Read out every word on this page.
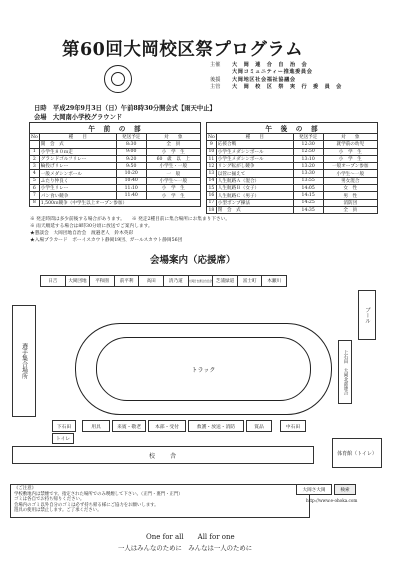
第60回大岡校区祭プログラム
主催	大　岡　連　合　自　治　会
大岡コミュニティー推進委員会
後援	大岡地区社会福祉協議会
主管	大　岡　校　区　祭　実　行　委　員　会
日時　平成29年9月3日（日）午前8時30分開会式【雨天中止】
会場　大岡南小学校グラウンド
午　前　の　部			
No	種　　目	発送予定	対　　象
	開　会　式	8:30	全　員
1	小学生８０ｍ走	9:00	小　学　生
2	グランドゴルフリレー	9:20	60　歳　以　上
3	輪投げリレー	9:50	小学生・一般
4	一般メダシンボール	10:20	一　般
5	ふたり仲良く	10:40	小学生～一般
6	小学生リレー	11:10	小　学　生
7	パン食い競争	11:40	小　学　生
8	1,500ｍ競争（中学生以上オープン参加）		
午　後　の　部			
No	種　　目	発送予定	対　　象
9	応援合戦	12:30	就学前の幼児
10	小学生メダシンボール	12:50	小　学　生
11	小学生メダシンボール	13:10	小　学　生
12	リング転がし競争	13:20	一般オープン参加
13	以管に揃えて	13:30	小学生～一般
14	人生航路Ａ（混合）	13:55	男女混合
15	人生航路Ｂ（女子）	14:05	女　性
16	人生航路Ｃ（男子）	14:15	男　性
17	小型ポンプ操法	14:25	消防団
18	閉　会　式	14:35	全　員
※ 発走時間は多少前後する場合があります。　　※ 発走2種目前に集合場所にお集まり下さい。
※ 雨天順延する場合は8時30分頃に放送でご案内します。
★懇談会　大岡団地自治会　渡邉老人　鈴木英彩
★入場プラカード　ボーイスカウト静岡19団、ガールスカウト静岡56団
会場案内（応援席）
日吉	大岡団地	平和園	前平利	高田	清乃道	大岡日吉連合自治会 芝浦緑道	富士町	木瀬川
選手集合場所
プール
上石田　大岡北部連合
トラック
下石田	用具	来賓・敬老	本部・受付	救護・放送・消防	賞品	中石田
トイレ
校　　舎	体育館（トイレ）
《ご注意》
学校敷地内は禁煙です。指定された場所でのみ喫煙して下さい。（正門・裏門・正門）
ゴミは各自でお持ち帰りください。
会場内のゴミ以外自分のゴミは必ず持ち帰る様にご協力をお願いします。
遊具の使用は禁止します。ご了承ください。
大岡さ大岡	検索
http://www.e-ohoka.com
One for all　　All for one
一人はみんなのために　みんなは一人のために
